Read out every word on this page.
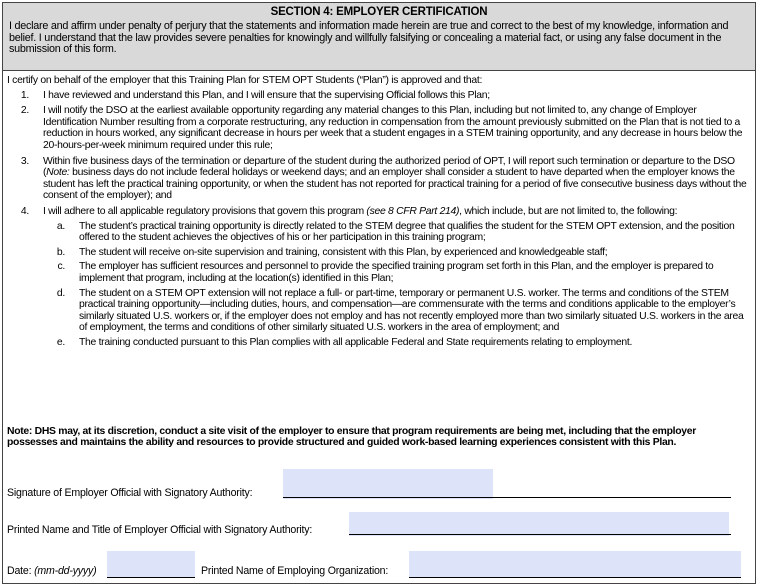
SECTION 4: EMPLOYER CERTIFICATION
I declare and affirm under penalty of perjury that the statements and information made herein are true and correct to the best of my knowledge, information and belief. I understand that the law provides severe penalties for knowingly and willfully falsifying or concealing a material fact, or using any false document in the submission of this form.
I certify on behalf of the employer that this Training Plan for STEM OPT Students (“Plan”) is approved and that:
1.	I have reviewed and understand this Plan, and I will ensure that the supervising Official follows this Plan;
2.	I will notify the DSO at the earliest available opportunity regarding any material changes to this Plan, including but not limited to, any change of Employer Identification Number resulting from a corporate restructuring, any reduction in compensation from the amount previously submitted on the Plan that is not tied to a reduction in hours worked, any significant decrease in hours per week that a student engages in a STEM training opportunity, and any decrease in hours below the 20-hours-per-week minimum required under this rule;
3.	Within five business days of the termination or departure of the student during the authorized period of OPT, I will report such termination or departure to the DSO (Note: business days do not include federal holidays or weekend days; and an employer shall consider a student to have departed when the employer knows the student has left the practical training opportunity, or when the student has not reported for practical training for a period of five consecutive business days without the consent of the employer); and
4.	I will adhere to all applicable regulatory provisions that govern this program (see 8 CFR Part 214), which include, but are not limited to, the following:
a.	The student’s practical training opportunity is directly related to the STEM degree that qualifies the student for the STEM OPT extension, and the position offered to the student achieves the objectives of his or her participation in this training program;
b.	The student will receive on-site supervision and training, consistent with this Plan, by experienced and knowledgeable staff;
c.	The employer has sufficient resources and personnel to provide the specified training program set forth in this Plan, and the employer is prepared to implement that program, including at the location(s) identified in this Plan;
d.	The student on a STEM OPT extension will not replace a full- or part-time, temporary or permanent U.S. worker. The terms and conditions of the STEM practical training opportunity—including duties, hours, and compensation—are commensurate with the terms and conditions applicable to the employer’s similarly situated U.S. workers or, if the employer does not employ and has not recently employed more than two similarly situated U.S. workers in the area of employment, the terms and conditions of other similarly situated U.S. workers in the area of employment; and
e.	The training conducted pursuant to this Plan complies with all applicable Federal and State requirements relating to employment.
Note: DHS may, at its discretion, conduct a site visit of the employer to ensure that program requirements are being met, including that the employer possesses and maintains the ability and resources to provide structured and guided work-based learning experiences consistent with this Plan.
Signature of Employer Official with Signatory Authority:
Printed Name and Title of Employer Official with Signatory Authority:
Date: (mm-dd-yyyy)	Printed Name of Employing Organization:
